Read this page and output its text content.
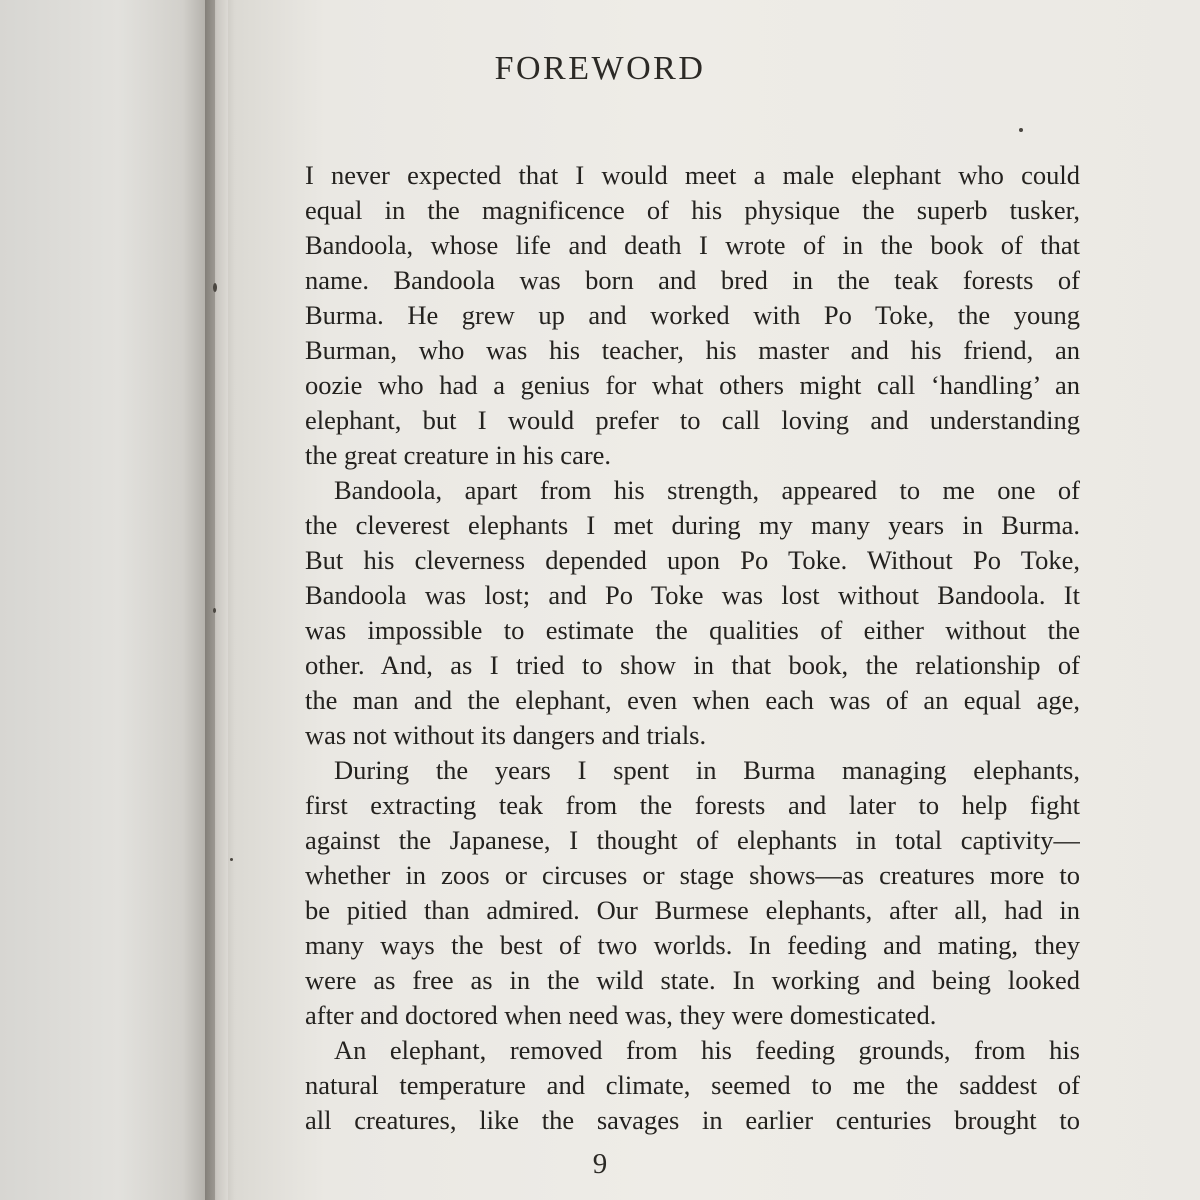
FOREWORD
I never expected that I would meet a male elephant who could
equal in the magnificence of his physique the superb tusker,
Bandoola, whose life and death I wrote of in the book of that
name. Bandoola was born and bred in the teak forests of
Burma. He grew up and worked with Po Toke, the young
Burman, who was his teacher, his master and his friend, an
oozie who had a genius for what others might call ‘handling’ an
elephant, but I would prefer to call loving and understanding
the great creature in his care.
Bandoola, apart from his strength, appeared to me one of
the cleverest elephants I met during my many years in Burma.
But his cleverness depended upon Po Toke. Without Po Toke,
Bandoola was lost; and Po Toke was lost without Bandoola. It
was impossible to estimate the qualities of either without the
other. And, as I tried to show in that book, the relationship of
the man and the elephant, even when each was of an equal age,
was not without its dangers and trials.
During the years I spent in Burma managing elephants,
first extracting teak from the forests and later to help fight
against the Japanese, I thought of elephants in total captivity—
whether in zoos or circuses or stage shows—as creatures more to
be pitied than admired. Our Burmese elephants, after all, had in
many ways the best of two worlds. In feeding and mating, they
were as free as in the wild state. In working and being looked
after and doctored when need was, they were domesticated.
An elephant, removed from his feeding grounds, from his
natural temperature and climate, seemed to me the saddest of
all creatures, like the savages in earlier centuries brought to
9
